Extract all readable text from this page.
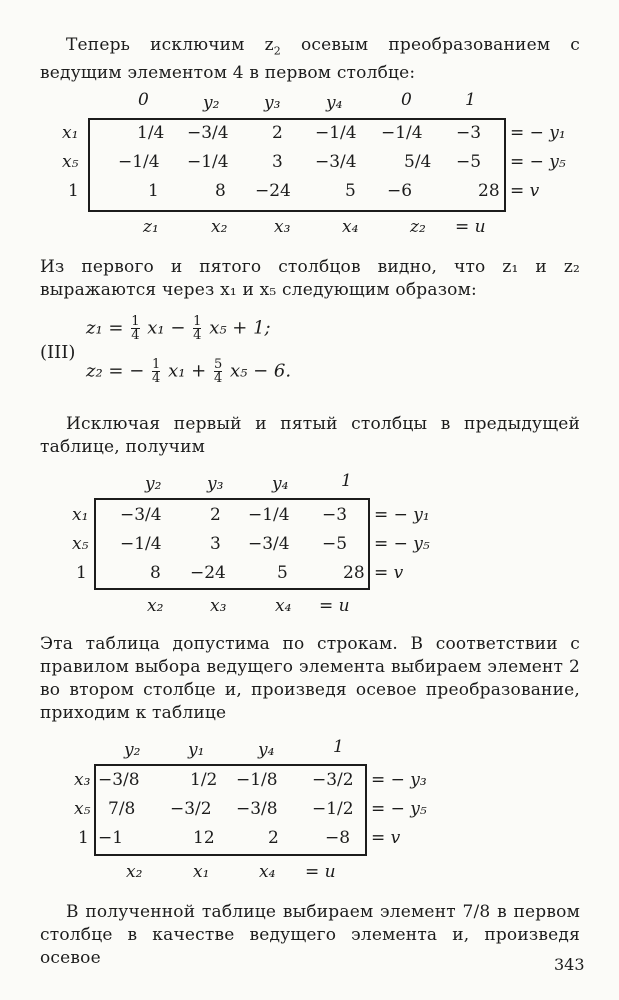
Теперь исключим $z_2$ осевым преобразованием с ведущим элементом 4 в первом столбце:

0	y₂	y₃	y₄	0	1
x₁	1/4 −3/4	2 −1/4 −1/4 −3 = − y₁
x₅ −1/4 −1/4	3 −3/4	5/4 −5 = − y₅
1	1	8 −24	5 −6	28 = v
z₁	x₂	x₃	x₄	z₂ = u

Из первого и пятого столбцов видно, что z₁ и z₂ выражаются через x₁ и x₅ следующим образом:

(III)
$z_1 = \frac{1}{4} x_1 - \frac{1}{4} x_5 + 1$;
z₂ = − $\frac{1}{4} x_1 + \frac{5}{4} x_5 - 6$.

Исключая первый и пятый столбцы в предыдущей таблице, получим

y₂	y₃	y₄	1
x₁ −3/4	2 −1/4 −3 = − y₁
x₅ −1/4	3 −3/4 −5 = − y₅
1	8 −24	5	28 = v
x₂	x₃	x₄ = u

Эта таблица допустима по строкам. В соответствии с правилом выбора ведущего элемента выбираем элемент 2 во втором столбце и, произведя осевое преобразование, приходим к таблице

y₂	y₁	y₄	1
x₃ −3/8	1/2 −1/8 −3/2 = − y₃
x₅ 7/8 −3/2 −3/8 −1/2 = − y₅
1 −1	12	2	−8 = v
x₂	x₁	x₄ = u

В полученной таблице выбираем элемент 7/8 в первом столбце в качестве ведущего элемента и, произведя осевое	343
